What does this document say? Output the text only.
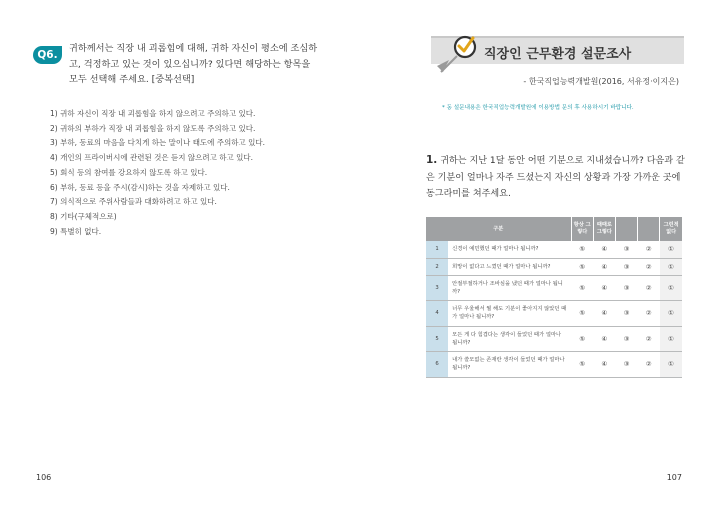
Q6.
귀하께서는 직장 내 괴롭힘에 대해, 귀하 자신이 평소에 조심하고, 걱정하고 있는 것이 있으십니까? 있다면 해당하는 항목을 모두 선택해 주세요. [중복선택]
1) 귀하 자신이 직장 내 괴롭힘을 하지 않으려고 주의하고 있다.
2) 귀하의 부하가 직장 내 괴롭힘을 하지 않도록 주의하고 있다.
3) 부하, 동료의 마음을 다치게 하는 말이나 태도에 주의하고 있다.
4) 개인의 프라이버시에 관련된 것은 듣지 않으려고 하고 있다.
5) 회식 등의 참여를 강요하지 않도록 하고 있다.
6) 부하, 동료 등을 주시(감시)하는 것을 자제하고 있다.
7) 의식적으로 주위사람들과 대화하려고 하고 있다.
8) 기타(구체적으로)
9) 특별히 없다.
106
직장인 근무환경 설문조사
- 한국직업능력개발원(2016, 서유정·이지은)
* 동 설문내용은 한국직업능력개발원에 이용방법 문의 후 사용하시기 바랍니다.
1. 귀하는 지난 1달 동안 어떤 기분으로 지내셨습니까? 다음과 같은 기분이 얼마나 자주 드셨는지 자신의 상황과 가장 가까운 곳에 동그라미를 쳐주세요.
구분		항상 그렇다	때때로 그렇다			그런적 없다
1	신경이 예민했던 때가 얼마나 됩니까?	⑤	④	③	②	①
2	희망이 없다고 느꼈던 때가 얼마나 됩니까?	⑤	④	③	②	①
3	안절부절하거나 조바심을 냈던 때가 얼마나 됩니까?	⑤	④	③	②	①
4	너무 우울해서 뭘 해도 기분이 좋아지지 않았던 때가 얼마나 됩니까?	⑤	④	③	②	①
5	모든 게 다 힘겹다는 생각이 들었던 때가 얼마나 됩니까?	⑤	④	③	②	①
6	내가 쓸모없는 존재란 생각이 들었던 때가 얼마나 됩니까?	⑤	④	③	②	①
107
